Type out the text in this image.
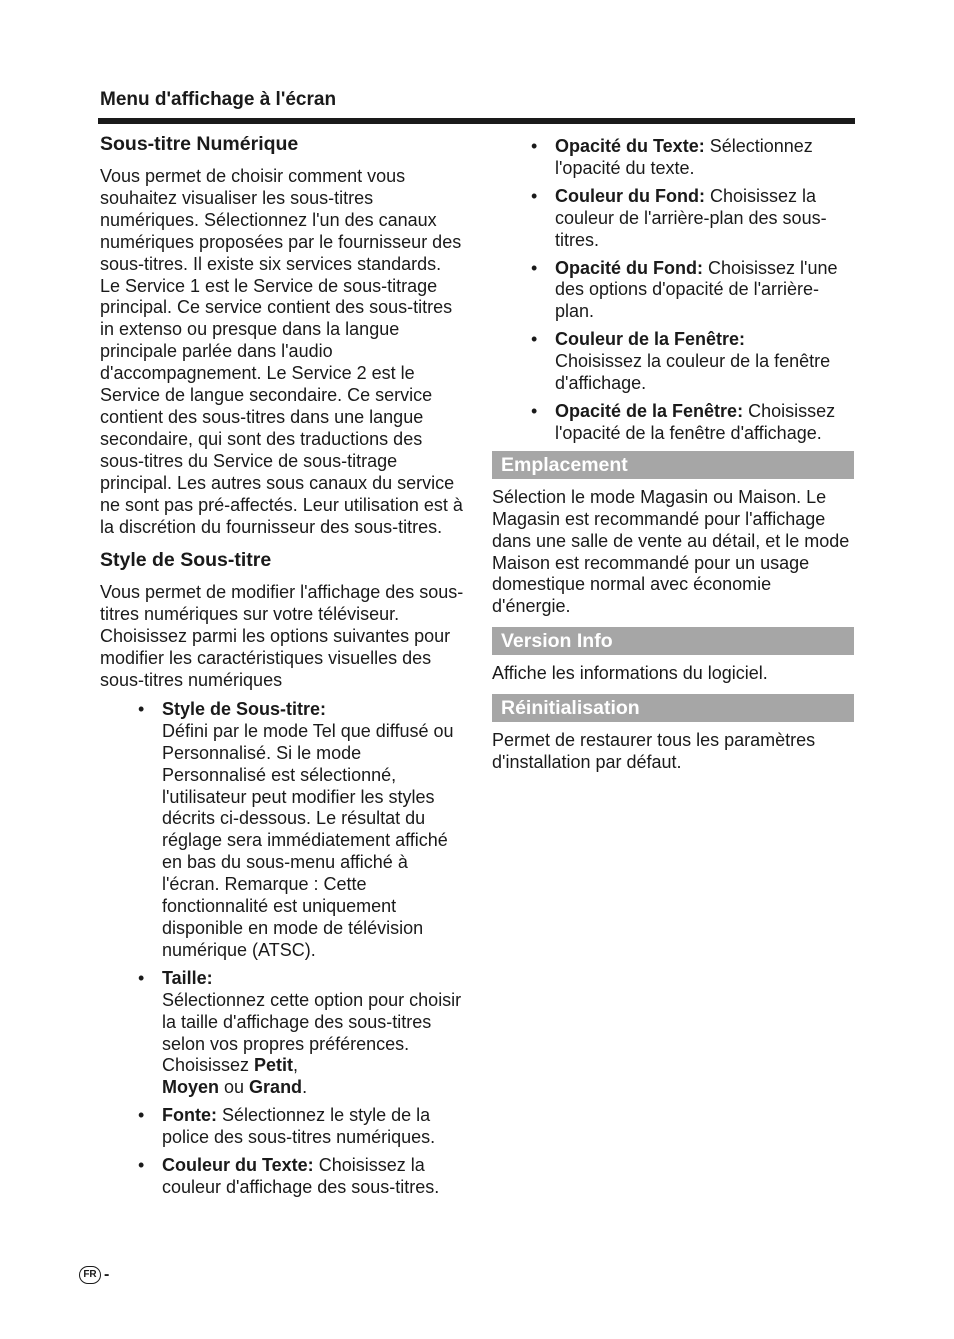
Menu d'affichage à l'écran
Sous-titre Numérique

Vous permet de choisir comment vous souhaitez visualiser les sous-titres numériques. Sélectionnez l'un des canaux numériques proposées par le fournisseur des sous-titres. Il existe six services standards. Le Service 1 est le Service de sous-titrage principal. Ce service contient des sous-titres in extenso ou presque dans la langue principale parlée dans l'audio d'accompagnement. Le Service 2 est le Service de langue secondaire. Ce service contient des sous-titres dans une langue secondaire, qui sont des traductions des sous-titres du Service de sous-titrage principal. Les autres sous canaux du service ne sont pas pré-affectés. Leur utilisation est à la discrétion du fournisseur des sous-titres.

Style de Sous-titre

Vous permet de modifier l'affichage des sous-titres numériques sur votre téléviseur. Choisissez parmi les options suivantes pour modifier les caractéristiques visuelles des sous-titres numériques

• Style de Sous-titre:
Défini par le mode Tel que diffusé ou Personnalisé. Si le mode Personnalisé est sélectionné, l'utilisateur peut modifier les styles décrits ci-dessous. Le résultat du réglage sera immédiatement affiché en bas du sous-menu affiché à l'écran. Remarque : Cette fonctionnalité est uniquement disponible en mode de télévision numérique (ATSC).
• Taille:
Sélectionnez cette option pour choisir la taille d'affichage des sous-titres selon vos propres préférences. Choisissez Petit,
Moyen ou Grand.
• Fonte: Sélectionnez le style de la police des sous-titres numériques.
• Couleur du Texte: Choisissez la couleur d'affichage des sous-titres.
• Opacité du Texte: Sélectionnez l'opacité du texte.
• Couleur du Fond: Choisissez la couleur de l'arrière-plan des sous-titres.
• Opacité du Fond: Choisissez l'une des options d'opacité de l'arrière-plan.
• Couleur de la Fenêtre:
Choisissez la couleur de la fenêtre d'affichage.
• Opacité de la Fenêtre: Choisissez l'opacité de la fenêtre d'affichage.
Emplacement

Sélection le mode Magasin ou Maison. Le Magasin est recommandé pour l'affichage dans une salle de vente au détail, et le mode Maison est recommandé pour un usage domestique normal avec économie d'énergie.

Version Info

Affiche les informations du logiciel.

Réinitialisation

Permet de restaurer tous les paramètres d'installation par défaut.

FR -
